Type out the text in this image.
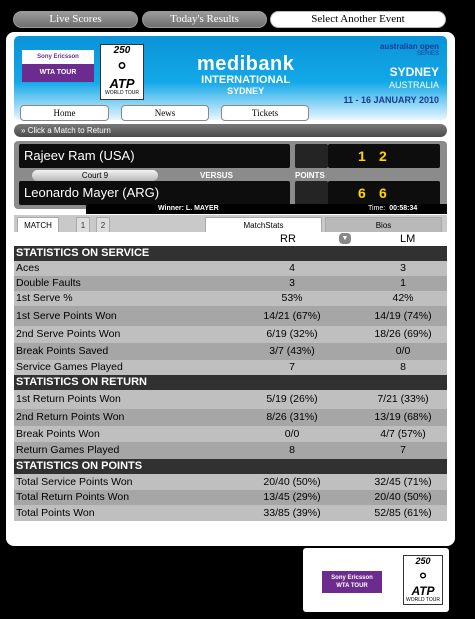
Live Scores	Today's Results	Select Another Event
Sony Ericsson
WTA TOUR
250
⚬
ATP
WORLD TOUR
medibank
INTERNATIONAL
SYDNEY
australian open
SERIES
SYDNEY
AUSTRALIA
11 - 16 JANUARY 2010
Home	News	Tickets
» Click a Match to Return
Rajeev Ram (USA)	1 2
Court 9	VERSUS	POINTS
Leonardo Mayer (ARG)	6 6
Winner: L. MAYER	Time: 00:58:34
MATCH	1	2	MatchStats	Bios
RR	▼	LM
STATISTICS ON SERVICE
Aces	4	3
Double Faults	3	1
1st Serve %	53%	42%
1st Serve Points Won	14/21 (67%)	14/19 (74%)
2nd Serve Points Won	6/19 (32%)	18/26 (69%)
Break Points Saved	3/7 (43%)	0/0
Service Games Played	7	8
STATISTICS ON RETURN
1st Return Points Won	5/19 (26%)	7/21 (33%)
2nd Return Points Won	8/26 (31%)	13/19 (68%)
Break Points Won	0/0	4/7 (57%)
Return Games Played	8	7
STATISTICS ON POINTS
Total Service Points Won	20/40 (50%)	32/45 (71%)
Total Return Points Won	13/45 (29%)	20/40 (50%)
Total Points Won	33/85 (39%)	52/85 (61%)
Sony Ericsson
WTA TOUR
250
⚬
ATP
WORLD TOUR
